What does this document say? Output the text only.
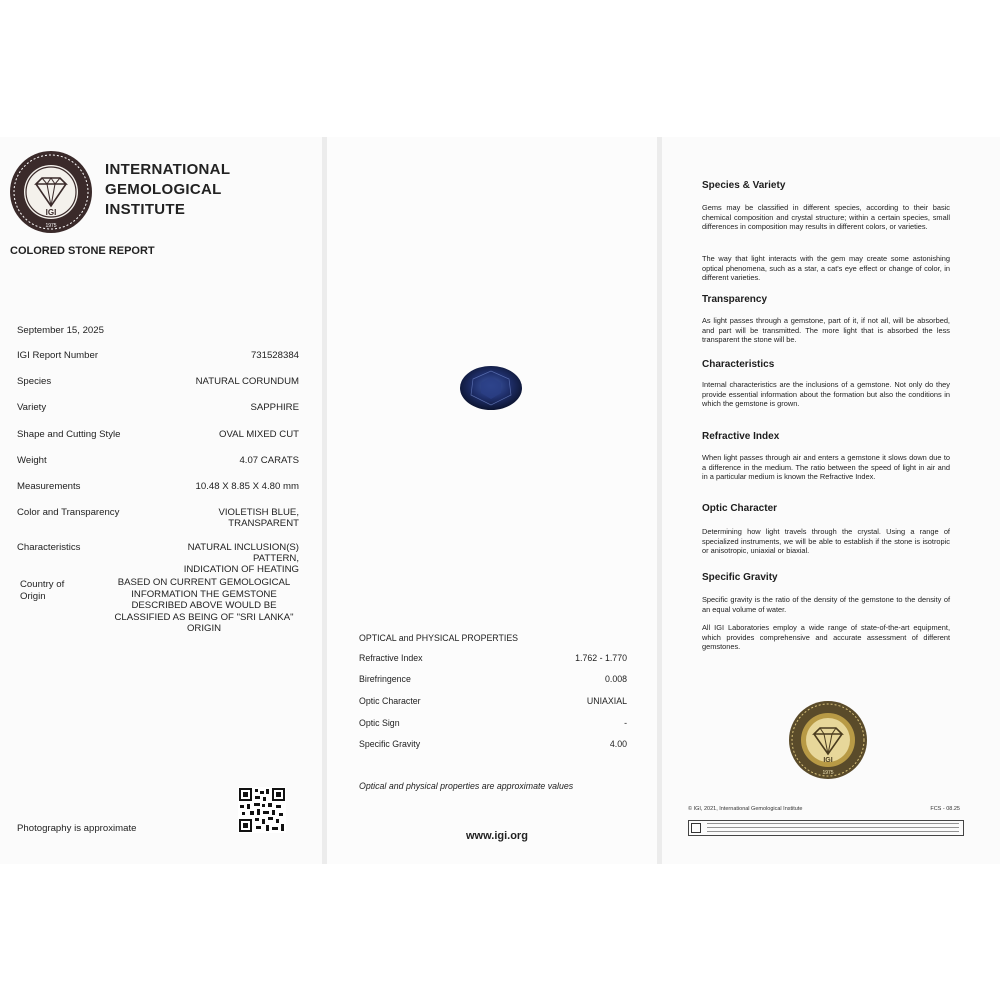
IGI
1975
INTERNATIONAL
GEMOLOGICAL
INSTITUTE
COLORED STONE REPORT
September 15, 2025
IGI Report Number	731528384
Species	NATURAL CORUNDUM
Variety	SAPPHIRE
Shape and Cutting Style	OVAL MIXED CUT
Weight	4.07 CARATS
Measurements	10.48 X 8.85 X 4.80 mm
Color and Transparency	VIOLETISH BLUE,
TRANSPARENT
Characteristics	NATURAL INCLUSION(S)
PATTERN,
INDICATION OF HEATING
Country of
Origin
BASED ON CURRENT GEMOLOGICAL
INFORMATION THE GEMSTONE
DESCRIBED ABOVE WOULD BE
CLASSIFIED AS BEING OF "SRI LANKA"
ORIGIN
Photography is approximate
OPTICAL and PHYSICAL PROPERTIES
Refractive Index	1.762 - 1.770
Birefringence	0.008
Optic Character	UNIAXIAL
Optic Sign	-
Specific Gravity	4.00
Optical and physical properties are approximate values
www.igi.org
Species & Variety
Gems may be classified in different species, according to their basic chemical composition and crystal structure; within a certain species, small differences in composition may results in different colors, or varieties.
The way that light interacts with the gem may create some astonishing optical phenomena, such as a star, a cat's eye effect or change of color, in different varieties.
Transparency
As light passes through a gemstone, part of it, if not all, will be absorbed, and part will be transmitted. The more light that is absorbed the less transparent the stone will be.
Characteristics
Internal characteristics are the inclusions of a gemstone. Not only do they provide essential information about the formation but also the conditions in which the gemstone is grown.
Refractive Index
When light passes through air and enters a gemstone it slows down due to a difference in the medium. The ratio between the speed of light in air and in a particular medium is known the Refractive Index.
Optic Character
Determining how light travels through the crystal. Using a range of specialized instruments, we will be able to establish if the stone is isotropic or anisotropic, uniaxial or biaxial.
Specific Gravity
Specific gravity is the ratio of the density of the gemstone to the density of an equal volume of water.
All IGI Laboratories employ a wide range of state-of-the-art equipment, which provides comprehensive and accurate assessment of different gemstones.
IGI
1975
© IGI, 2021, International Gemological Institute	FCS - 08.25
